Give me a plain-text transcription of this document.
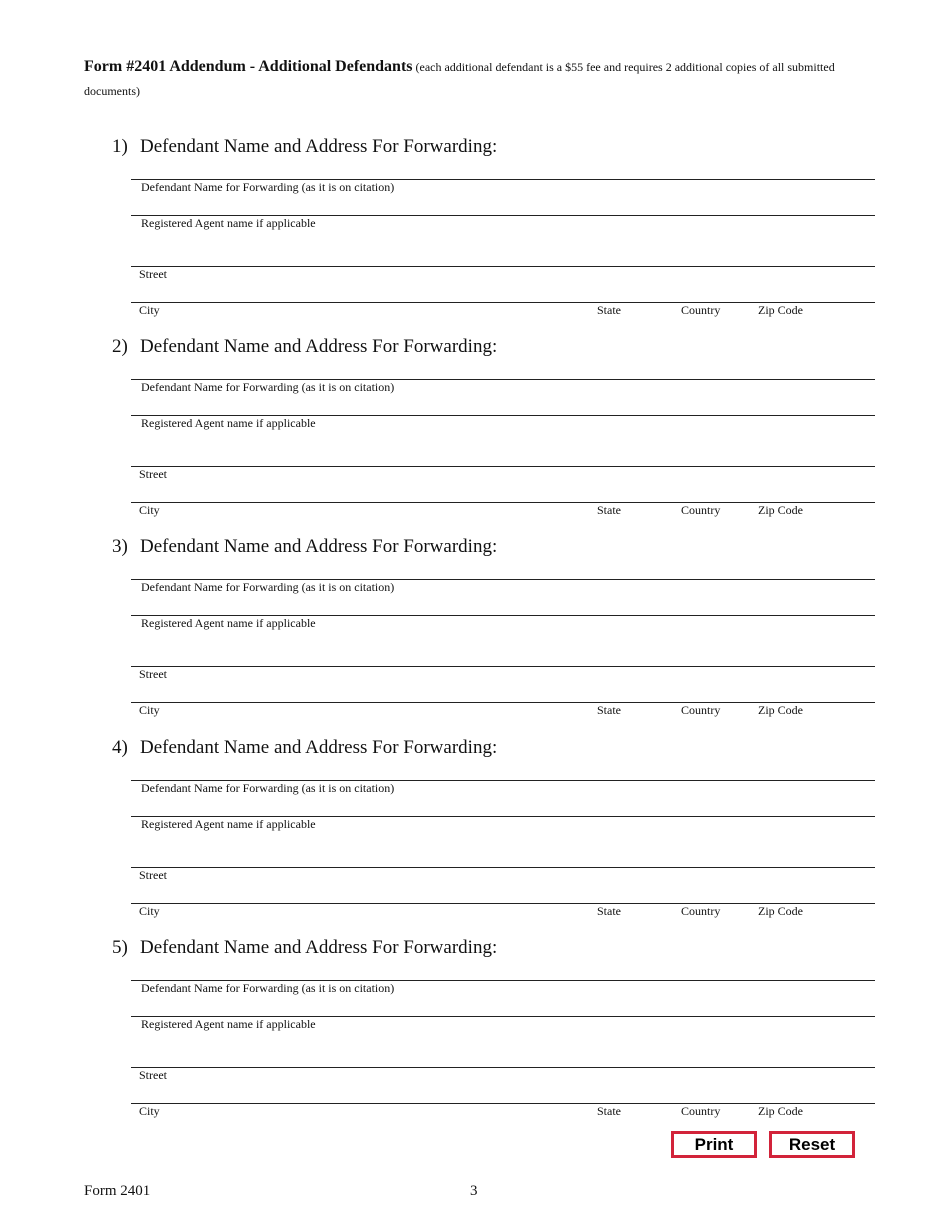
Form #2401 Addendum - Additional Defendants (each additional defendant is a $55 fee and requires 2 additional copies of all submitted documents)
1) Defendant Name and Address For Forwarding:
Defendant Name for Forwarding (as it is on citation)
Registered Agent name if applicable
Street
City	State	Country	Zip Code
2) Defendant Name and Address For Forwarding:
Defendant Name for Forwarding (as it is on citation)
Registered Agent name if applicable
Street
City	State	Country	Zip Code
3) Defendant Name and Address For Forwarding:
Defendant Name for Forwarding (as it is on citation)
Registered Agent name if applicable
Street
City	State	Country	Zip Code
4) Defendant Name and Address For Forwarding:
Defendant Name for Forwarding (as it is on citation)
Registered Agent name if applicable
Street
City	State	Country	Zip Code
5) Defendant Name and Address For Forwarding:
Defendant Name for Forwarding (as it is on citation)
Registered Agent name if applicable
Street
City	State	Country	Zip Code
Print	Reset
Form 2401	3
